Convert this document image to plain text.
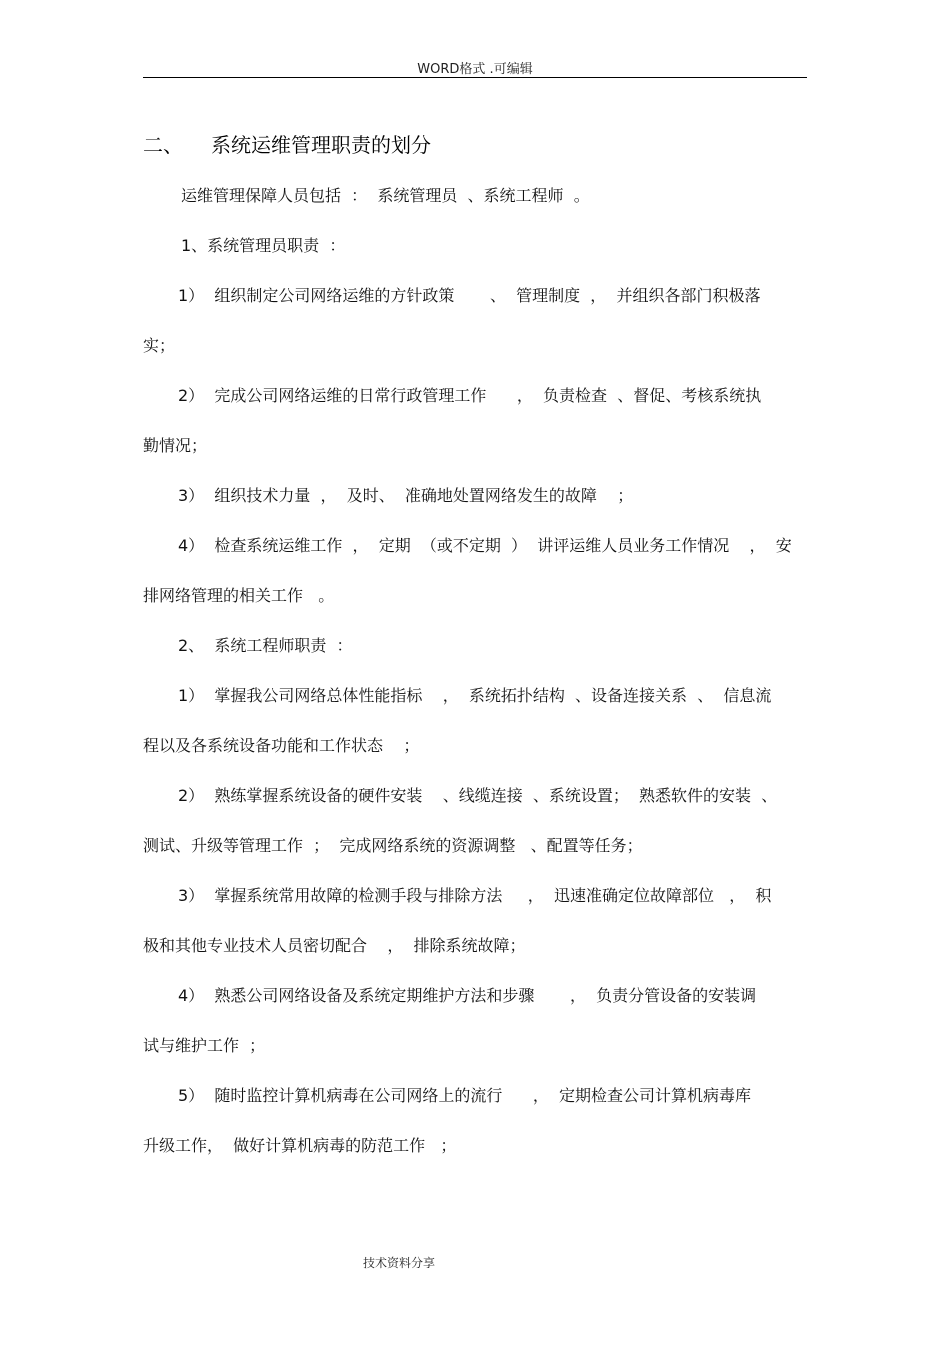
WORD格式 .可编辑
二、 系统运维管理职责的划分
运维管理保障人员包括  ：  系统管理员  、系统工程师  。
1、系统管理员职责  ：
1）  组织制定公司网络运维的方针政策       、  管理制度  ，  并组织各部门积极落
实；
2）  完成公司网络运维的日常行政管理工作      ，  负责检查  、督促、考核系统执
勤情况；
3）  组织技术力量  ，  及时、  准确地处置网络发生的故障    ；
4）  检查系统运维工作  ，  定期  （或不定期  ）  讲评运维人员业务工作情况    ，  安
排网络管理的相关工作   。
2、  系统工程师职责  ：
1）  掌握我公司网络总体性能指标    ，  系统拓扑结构  、设备连接关系  、  信息流
程以及各系统设备功能和工作状态    ；
2）  熟练掌握系统设备的硬件安装    、线缆连接  、系统设置；  熟悉软件的安装  、
测试、升级等管理工作  ；  完成网络系统的资源调整   、配置等任务；
3）  掌握系统常用故障的检测手段与排除方法     ，  迅速准确定位故障部位   ，  积
极和其他专业技术人员密切配合    ，  排除系统故障；
4）  熟悉公司网络设备及系统定期维护方法和步骤       ，  负责分管设备的安装调
试与维护工作  ；
5）  随时监控计算机病毒在公司网络上的流行      ，  定期检查公司计算机病毒库
升级工作，  做好计算机病毒的防范工作   ；
技术资料分享
